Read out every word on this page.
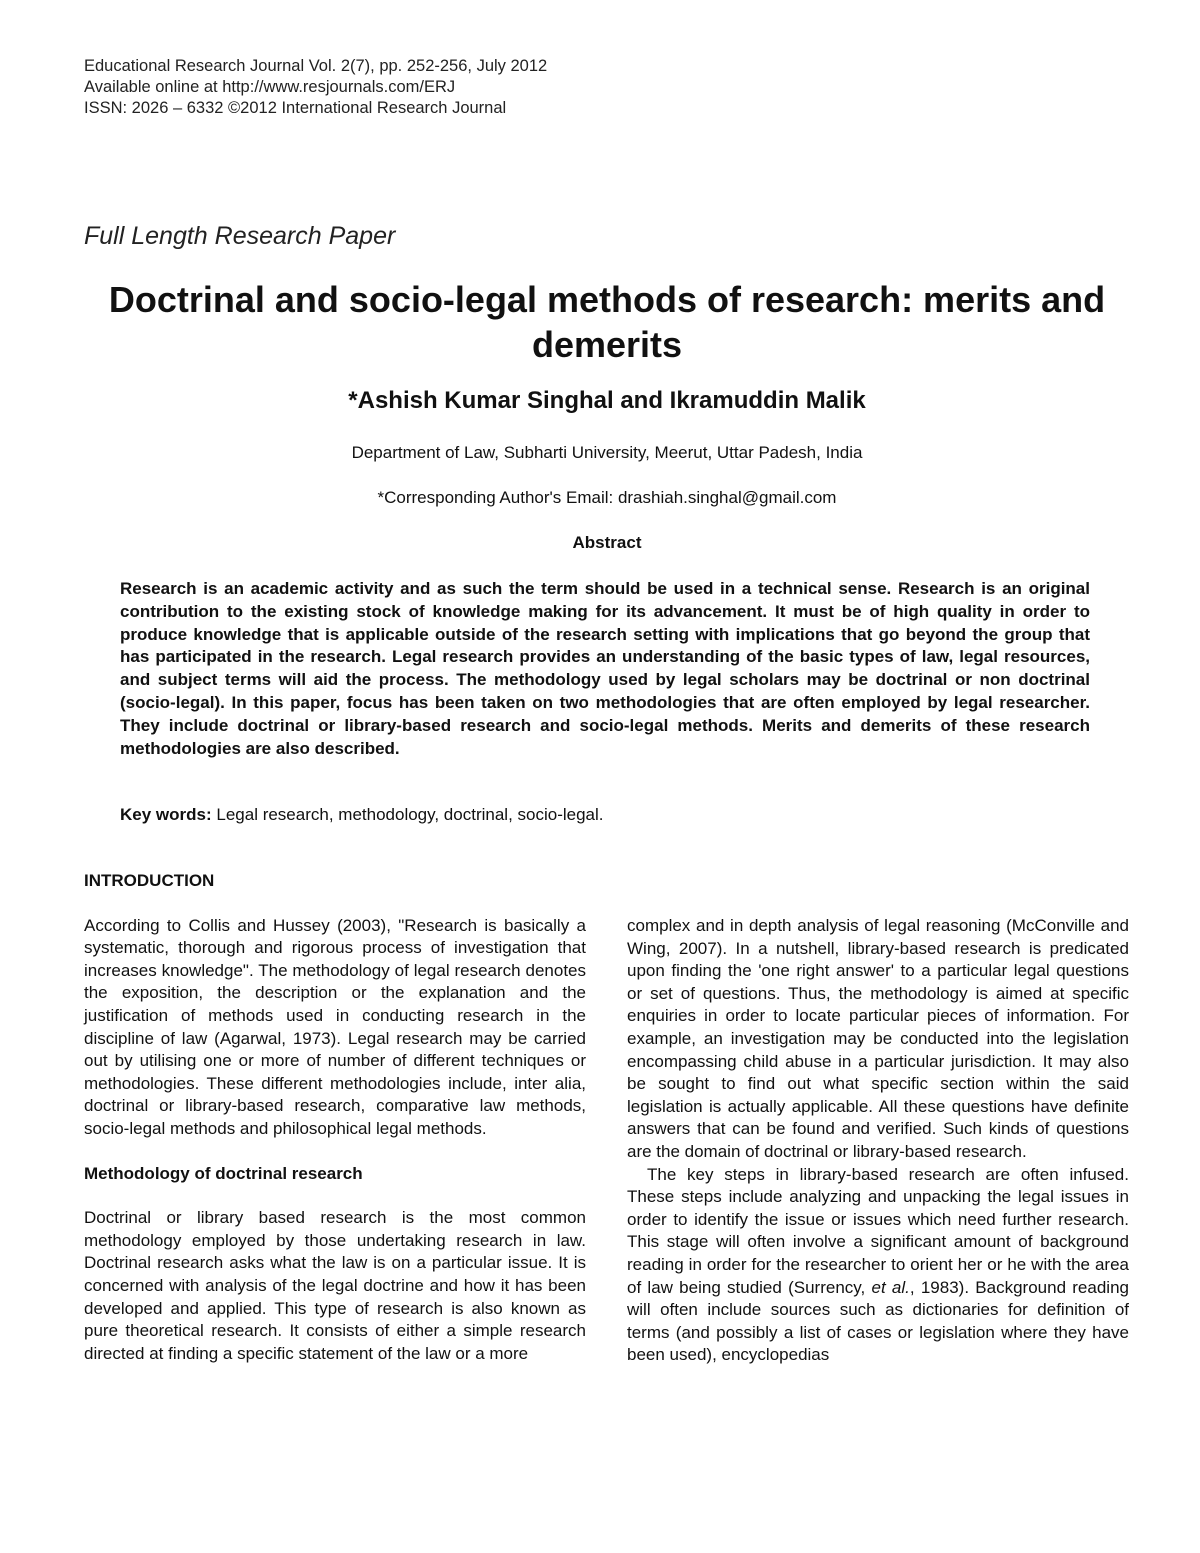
Educational Research Journal Vol. 2(7), pp. 252-256, July 2012
Available online at http://www.resjournals.com/ERJ
ISSN: 2026 – 6332 ©2012 International Research Journal
Full Length Research Paper
Doctrinal and socio-legal methods of research: merits and demerits
*Ashish Kumar Singhal and Ikramuddin Malik
Department of Law, Subharti University, Meerut, Uttar Padesh, India
*Corresponding Author's Email: drashiah.singhal@gmail.com
Abstract

Research is an academic activity and as such the term should be used in a technical sense. Research is an original contribution to the existing stock of knowledge making for its advancement. It must be of high quality in order to produce knowledge that is applicable outside of the research setting with implications that go beyond the group that has participated in the research. Legal research provides an understanding of the basic types of law, legal resources, and subject terms will aid the process. The methodology used by legal scholars may be doctrinal or non doctrinal (socio-legal). In this paper, focus has been taken on two methodologies that are often employed by legal researcher. They include doctrinal or library-based research and socio-legal methods. Merits and demerits of these research methodologies are also described.

Key words: Legal research, methodology, doctrinal, socio-legal.
INTRODUCTION

According to Collis and Hussey (2003), "Research is basically a systematic, thorough and rigorous process of investigation that increases knowledge". The methodology of legal research denotes the exposition, the description or the explanation and the justification of methods used in conducting research in the discipline of law (Agarwal, 1973). Legal research may be carried out by utilising one or more of number of different techniques or methodologies. These different methodologies include, inter alia, doctrinal or library-based research, comparative law methods, socio-legal methods and philosophical legal methods.

Methodology of doctrinal research

Doctrinal or library based research is the most common methodology employed by those undertaking research in law. Doctrinal research asks what the law is on a particular issue. It is concerned with analysis of the legal doctrine and how it has been developed and applied. This type of research is also known as pure theoretical research. It consists of either a simple research directed at finding a specific statement of the law or a more

complex and in depth analysis of legal reasoning (McConville and Wing, 2007). In a nutshell, library-based research is predicated upon finding the 'one right answer' to a particular legal questions or set of questions. Thus, the methodology is aimed at specific enquiries in order to locate particular pieces of information. For example, an investigation may be conducted into the legislation encompassing child abuse in a particular jurisdiction. It may also be sought to find out what specific section within the said legislation is actually applicable. All these questions have definite answers that can be found and verified. Such kinds of questions are the domain of doctrinal or library-based research.

The key steps in library-based research are often infused. These steps include analyzing and unpacking the legal issues in order to identify the issue or issues which need further research. This stage will often involve a significant amount of background reading in order for the researcher to orient her or he with the area of law being studied (Surrency, et al., 1983). Background reading will often include sources such as dictionaries for definition of terms (and possibly a list of cases or legislation where they have been used), encyclopedias
